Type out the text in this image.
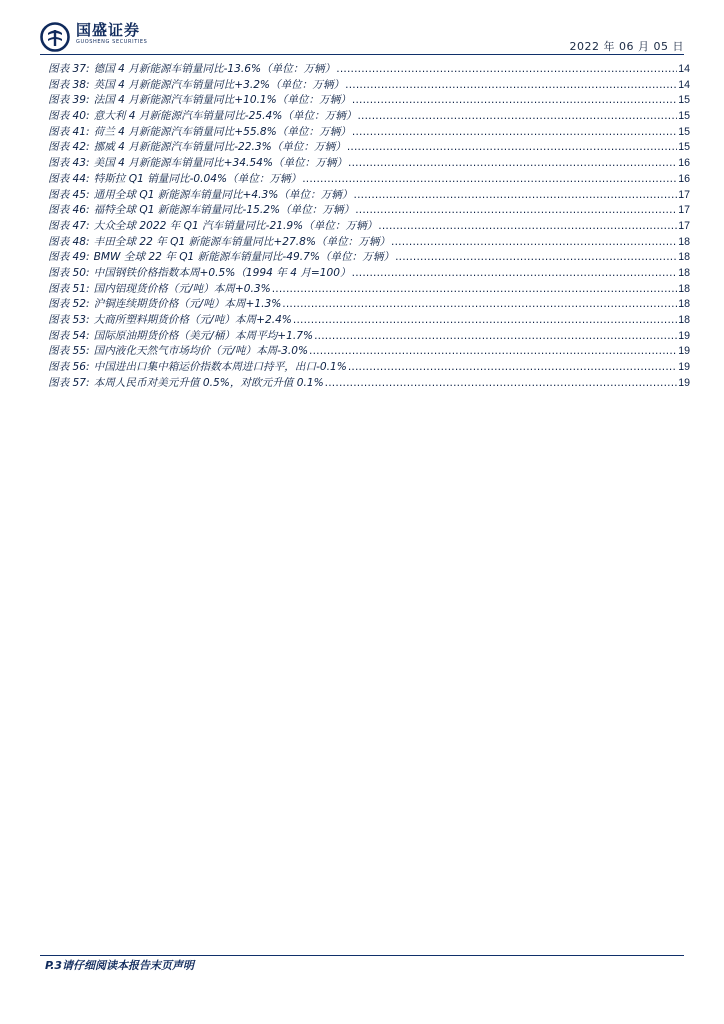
国盛证券
GUOSHENG SECURITIES	2022 年 06 月 05 日
图表 37: 德国 4 月新能源车销量同比-13.6%（单位：万辆） .....	14
图表 38: 英国 4 月新能源汽车销量同比+3.2%（单位：万辆） .....	14
图表 39: 法国 4 月新能源汽车销量同比+10.1%（单位：万辆） .....	15
图表 40: 意大利 4 月新能源汽车销量同比-25.4%（单位：万辆） .....	15
图表 41: 荷兰 4 月新能源汽车销量同比+55.8%（单位：万辆） .....	15
图表 42: 挪威 4 月新能源汽车销量同比-22.3%（单位：万辆） .....	15
图表 43: 美国 4 月新能源车销量同比+34.54%（单位：万辆） .....	16
图表 44: 特斯拉 Q1 销量同比-0.04%（单位：万辆） .....	16
图表 45: 通用全球 Q1 新能源车销量同比+4.3%（单位：万辆） .....	17
图表 46: 福特全球 Q1 新能源车销量同比-15.2%（单位：万辆） .....	17
图表 47: 大众全球 2022 年 Q1 汽车销量同比-21.9%（单位：万辆） .....	17
图表 48: 丰田全球 22 年 Q1 新能源车销量同比+27.8%（单位：万辆） .....	18
图表 49: BMW 全球 22 年 Q1 新能源车销量同比-49.7%（单位：万辆） .....	18
图表 50: 中国钢铁价格指数本周+0.5%（1994 年 4 月=100） .....	18
图表 51: 国内铝现货价格（元/吨）本周+0.3% .....	18
图表 52: 沪铜连续期货价格（元/吨）本周+1.3% .....	18
图表 53: 大商所塑料期货价格（元/吨）本周+2.4% .....	18
图表 54: 国际原油期货价格（美元/桶）本周平均+1.7% .....	19
图表 55: 国内液化天然气市场均价（元/吨）本周-3.0% .....	19
图表 56: 中国进出口集中箱运价指数本周进口持平，出口-0.1% .....	19
图表 57: 本周人民币对美元升值 0.5%，对欧元升值 0.1% .....	19
P.3请仔细阅读本报告末页声明
